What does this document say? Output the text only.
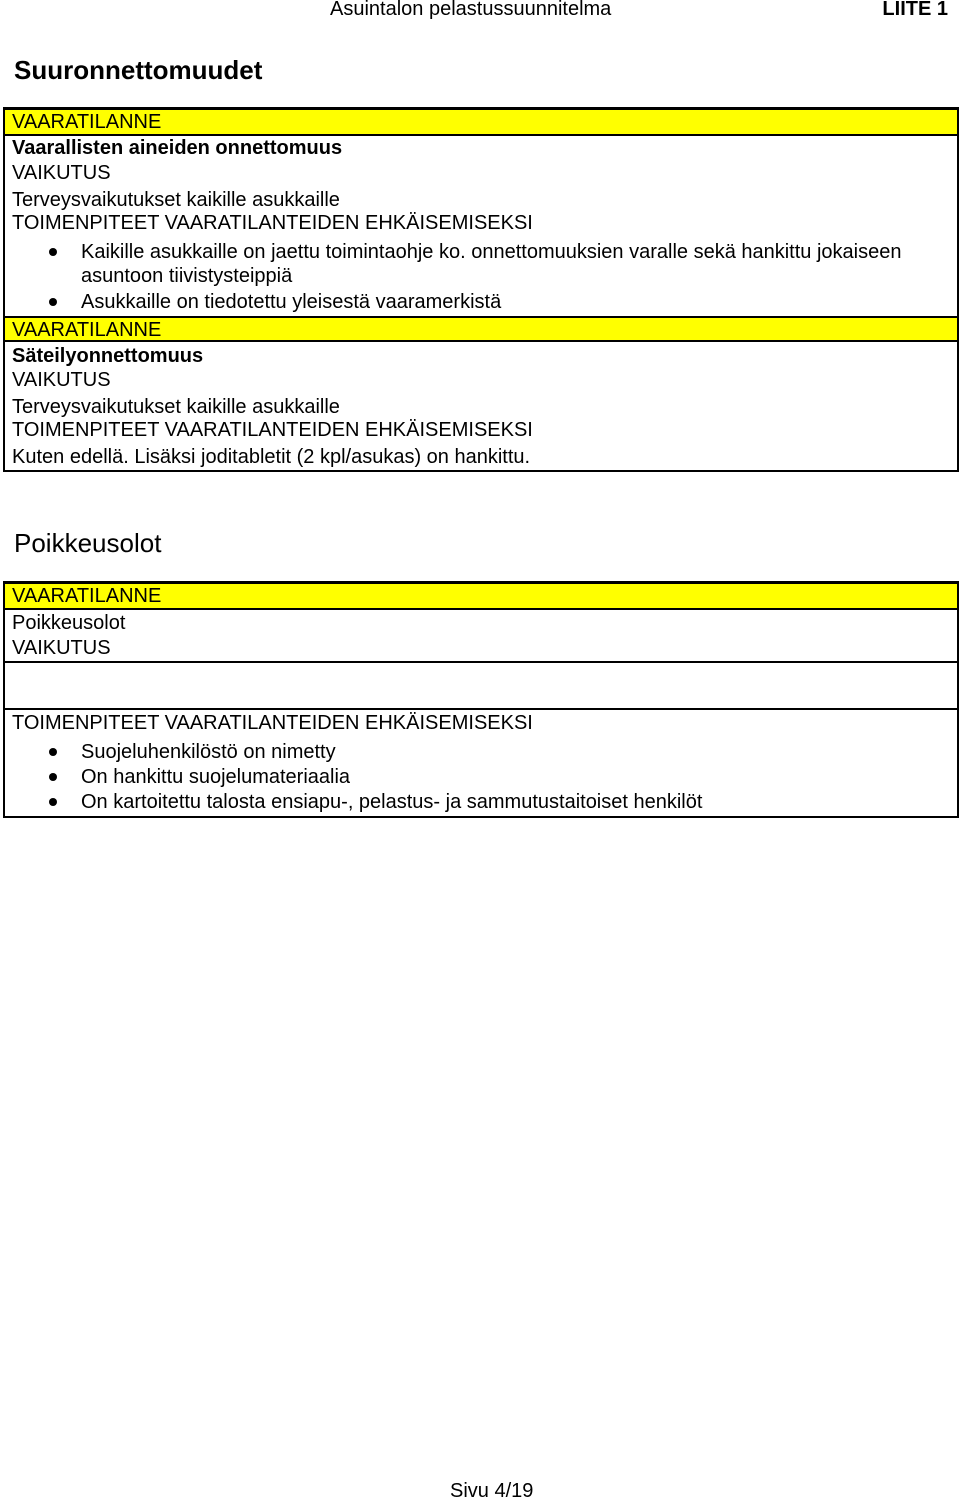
Asuintalon pelastussuunnitelma	LIITE 1
Suuronnettomuudet
VAARATILANNE
Vaarallisten aineiden onnettomuus
VAIKUTUS
Terveysvaikutukset kaikille asukkaille
TOIMENPITEET VAARATILANTEIDEN EHKÄISEMISEKSI
Kaikille asukkaille on jaettu toimintaohje ko. onnettomuuksien varalle sekä hankittu jokaiseen asuntoon tiivistysteippiä
Asukkaille on tiedotettu yleisestä vaaramerkistä
VAARATILANNE
Säteilyonnettomuus
VAIKUTUS
Terveysvaikutukset kaikille asukkaille
TOIMENPITEET VAARATILANTEIDEN EHKÄISEMISEKSI
Kuten edellä. Lisäksi joditabletit (2 kpl/asukas) on hankittu.
Poikkeusolot
VAARATILANNE
Poikkeusolot
VAIKUTUS
TOIMENPITEET VAARATILANTEIDEN EHKÄISEMISEKSI
Suojeluhenkilöstö on nimetty
On hankittu suojelumateriaalia
On kartoitettu talosta ensiapu-, pelastus- ja sammutustaitoiset henkilöt
Sivu 4/19
